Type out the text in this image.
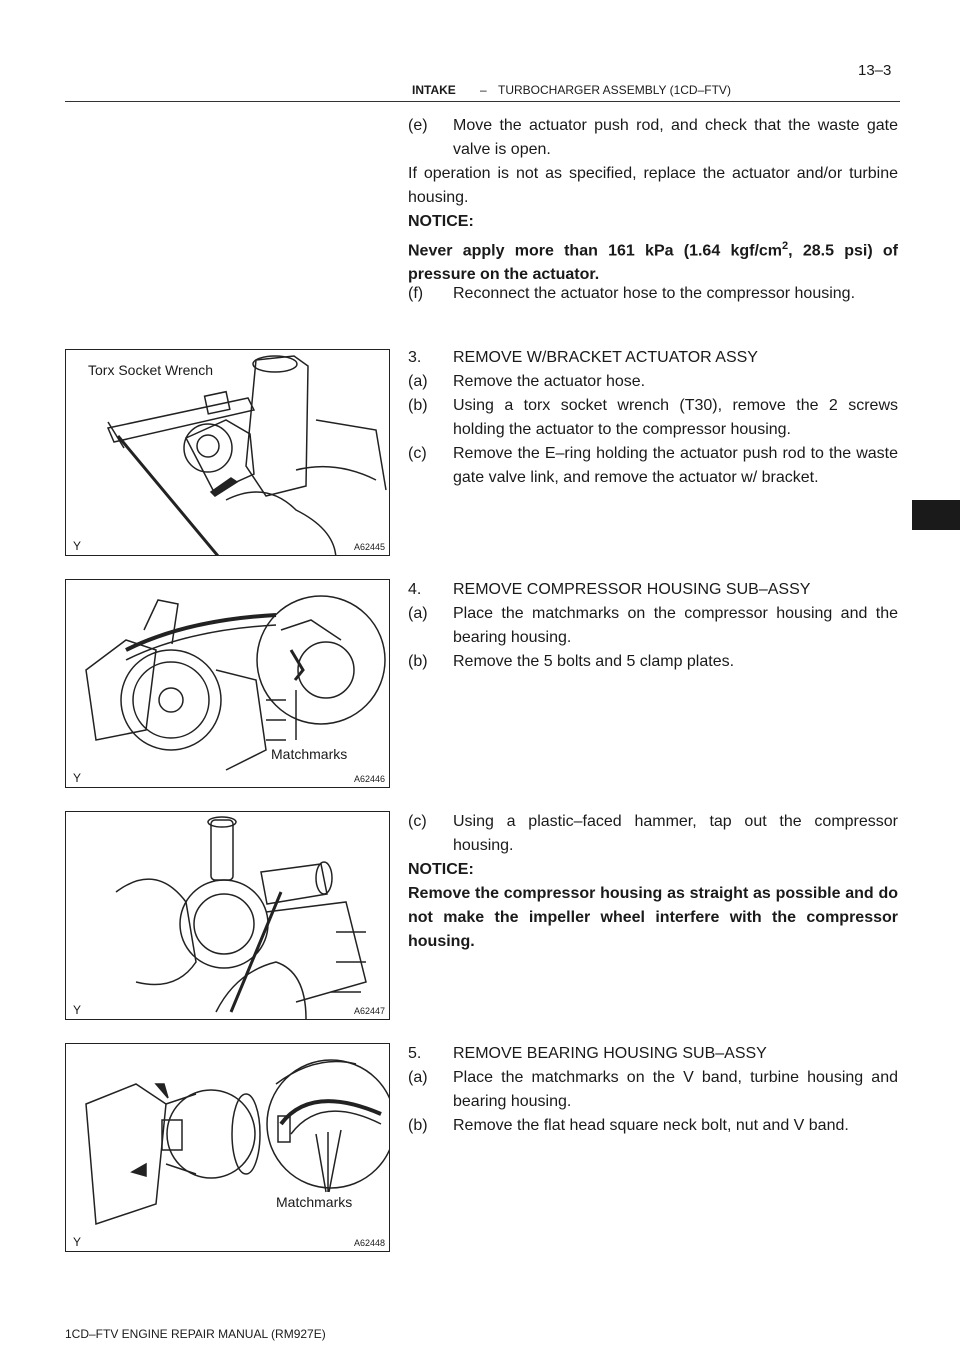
13–3
INTAKE – TURBOCHARGER ASSEMBLY (1CD–FTV)
(e) Move the actuator push rod, and check that the waste gate valve is open.
If operation is not as specified, replace the actuator and/or turbine housing.
NOTICE:
Never apply more than 161 kPa (1.64 kgf/$cm^2$, 28.5 psi) of pressure on the actuator.
(f) Reconnect the actuator hose to the compressor housing.
3. REMOVE W/BRACKET ACTUATOR ASSY
(a) Remove the actuator hose.
(b) Using a torx socket wrench (T30), remove the 2 screws holding the actuator to the compressor housing.
(c) Remove the E–ring holding the actuator push rod to the waste gate valve link, and remove the actuator w/ bracket.
4. REMOVE COMPRESSOR HOUSING SUB–ASSY
(a) Place the matchmarks on the compressor housing and the bearing housing.
(b) Remove the 5 bolts and 5 clamp plates.
(c) Using a plastic–faced hammer, tap out the compressor housing.
NOTICE:
Remove the compressor housing as straight as possible and do not make the impeller wheel interfere with the compressor housing.
5. REMOVE BEARING HOUSING SUB–ASSY
(a) Place the matchmarks on the V band, turbine housing and bearing housing.
(b) Remove the flat head square neck bolt, nut and V band.
Torx Socket Wrench
Y	A62445
Matchmarks
Y	A62446
Y	A62447
Matchmarks
Y	A62448
1CD–FTV ENGINE REPAIR MANUAL (RM927E)
